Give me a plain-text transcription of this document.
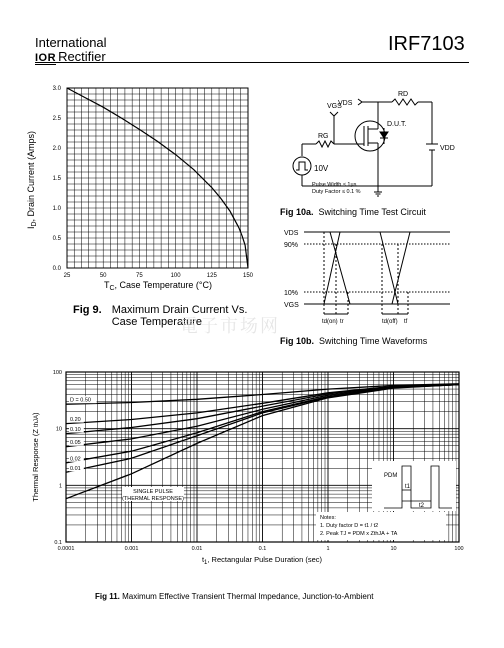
International
IOR Rectifier
IRF7103
0.0
0.5
1.0
1.5
2.0
2.5
3.0
25	50	75	100	125	150
$T_C$, Case Temperature (°C)
$I_D$, Drain Current (Amps)
Fig 9.	Maximum Drain Current Vs.
Case Temperature
VDS
RD
VGS
RG
D.U.T.
VDD
10V
Pulse Width ≤ 1µs
Duty Factor ≤ 0.1 %
Fig 10a. Switching Time Test Circuit
VDS
90%
10%
VGS
td(on) tr	td(off) tf
Fig 10b. Switching Time Waveforms
電子市场网
0.1
1
10
100
0.0001	0.001	0.01	0.1	1	10	100
D = 0.50
0.20
0.10
0.05
0.02
0.01
PDM
t1
t2
Notes:
1. Duty factor D = t1 / t2
2. Peak TJ = PDM x ZthJA + TA
SINGLE PULSE
(THERMAL RESPONSE)
$t_1$, Rectangular Pulse Duration (sec)
Thermal Response (Z thJA)
Fig 11. Maximum Effective Transient Thermal Impedance, Junction-to-Ambient
